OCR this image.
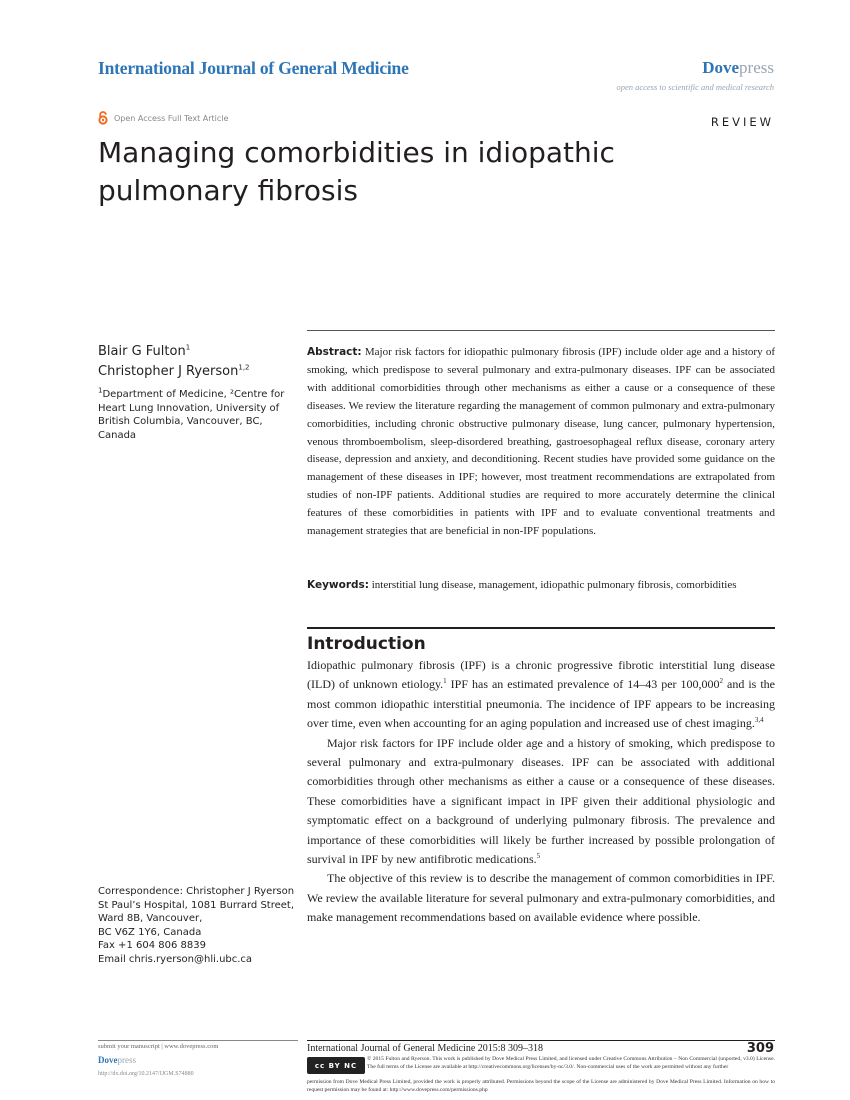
International Journal of General Medicine	Dovepress
open access to scientific and medical research
Open Access Full Text Article	REVIEW
Managing comorbidities in idiopathic pulmonary fibrosis
Blair G Fulton$^1$
Christopher J Ryerson$^{1,2}$
$^1$Department of Medicine, ²Centre for Heart Lung Innovation, University of British Columbia, Vancouver, BC, Canada
Correspondence: Christopher J Ryerson
St Paul’s Hospital, 1081 Burrard Street,
Ward 8B, Vancouver,
BC V6Z 1Y6, Canada
Fax +1 604 806 8839
Email chris.ryerson@hli.ubc.ca
Abstract: Major risk factors for idiopathic pulmonary fibrosis (IPF) include older age and a history of smoking, which predispose to several pulmonary and extra-pulmonary diseases. IPF can be associated with additional comorbidities through other mechanisms as either a cause or a consequence of these diseases. We review the literature regarding the management of common pulmonary and extra-pulmonary comorbidities, including chronic obstructive pulmonary disease, lung cancer, pulmonary hypertension, venous thromboembolism, sleep-disordered breathing, gastroesophageal reflux disease, coronary artery disease, depression and anxiety, and deconditioning. Recent studies have provided some guidance on the management of these diseases in IPF; however, most treatment recommendations are extrapolated from studies of non-IPF patients. Additional studies are required to more accurately determine the clinical features of these comorbidities in patients with IPF and to evaluate conventional treatments and management strategies that are beneficial in non-IPF populations.
Keywords: interstitial lung disease, management, idiopathic pulmonary fibrosis, comorbidities
Introduction

Idiopathic pulmonary fibrosis (IPF) is a chronic progressive fibrotic interstitial lung disease (ILD) of unknown etiology.$^1$ IPF has an estimated prevalence of 14–43 per 100,000$^2$ and is the most common idiopathic interstitial pneumonia. The incidence of IPF appears to be increasing over time, even when accounting for an aging population and increased use of chest imaging.$^{3,4}$

Major risk factors for IPF include older age and a history of smoking, which predispose to several pulmonary and extra-pulmonary diseases. IPF can be associated with additional comorbidities through other mechanisms as either a cause or a consequence of these diseases. These comorbidities have a significant impact in IPF given their additional physiologic and symptomatic effect on a background of underlying pulmonary fibrosis. The prevalence and importance of these comorbidities will likely be further increased by possible prolongation of survival in IPF by new antifibrotic medications.$^5$

The objective of this review is to describe the management of common comorbidities in IPF. We review the available literature for several pulmonary and extra-pulmonary comorbidities, and make management recommendations based on available evidence where possible.

submit your manuscript | www.dovepress.com
Dovepress
http://dx.doi.org/10.2147/IJGM.S74880
International Journal of General Medicine 2015:8 309–318	309
cc BY NC
© 2015 Fulton and Ryerson. This work is published by Dove Medical Press Limited, and licensed under Creative Commons Attribution – Non Commercial (unported, v3.0) License. The full terms of the License are available at http://creativecommons.org/licenses/by-nc/3.0/. Non-commercial uses of the work are permitted without any further
permission from Dove Medical Press Limited, provided the work is properly attributed. Permissions beyond the scope of the License are administered by Dove Medical Press Limited. Information on how to request permission may be found at: http://www.dovepress.com/permissions.php
